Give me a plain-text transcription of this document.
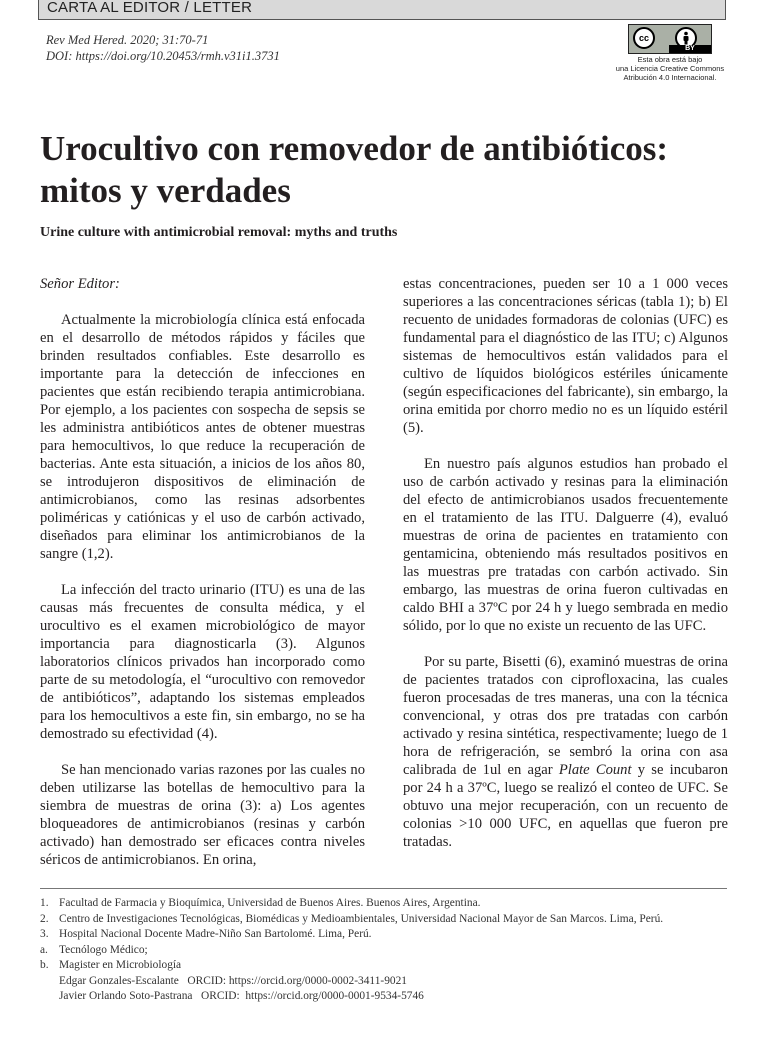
CARTA AL EDITOR / LETTER
Rev Med Hered. 2020; 31:70-71
DOI: https://doi.org/10.20453/rmh.v31i1.3731
cc
BY
Esta obra está bajo
una Licencia Creative Commons
Atribución 4.0 Internacional.
Urocultivo con removedor de antibióticos:
mitos y verdades
Urine culture with antimicrobial removal: myths and truths

Señor Editor:

Actualmente la microbiología clínica está enfocada en el desarrollo de métodos rápidos y fáciles que brinden resultados confiables. Este desarrollo es importante para la detección de infecciones en pacientes que están recibiendo terapia antimicrobiana. Por ejemplo, a los pacientes con sospecha de sepsis se les administra antibióticos antes de obtener muestras para hemocultivos, lo que reduce la recuperación de bacterias. Ante esta situación, a inicios de los años 80, se introdujeron dispositivos de eliminación de antimicrobianos, como las resinas adsorbentes poliméricas y catiónicas y el uso de carbón activado, diseñados para eliminar los antimicrobianos de la sangre (1,2).

La infección del tracto urinario (ITU) es una de las causas más frecuentes de consulta médica, y el urocultivo es el examen microbiológico de mayor importancia para diagnosticarla (3). Algunos laboratorios clínicos privados han incorporado como parte de su metodología, el “urocultivo con removedor de antibióticos”, adaptando los sistemas empleados para los hemocultivos a este fin, sin embargo, no se ha demostrado su efectividad (4).

Se han mencionado varias razones por las cuales no deben utilizarse las botellas de hemocultivo para la siembra de muestras de orina (3): a) Los agentes bloqueadores de antimicrobianos (resinas y carbón activado) han demostrado ser eficaces contra niveles séricos de antimicrobianos. En orina,

estas concentraciones, pueden ser 10 a 1 000 veces superiores a las concentraciones séricas (tabla 1); b) El recuento de unidades formadoras de colonias (UFC) es fundamental para el diagnóstico de las ITU; c) Algunos sistemas de hemocultivos están validados para el cultivo de líquidos biológicos estériles únicamente (según especificaciones del fabricante), sin embargo, la orina emitida por chorro medio no es un líquido estéril (5).

En nuestro país algunos estudios han probado el uso de carbón activado y resinas para la eliminación del efecto de antimicrobianos usados frecuentemente en el tratamiento de las ITU. Dalguerre (4), evaluó muestras de orina de pacientes en tratamiento con gentamicina, obteniendo más resultados positivos en las muestras pre tratadas con carbón activado. Sin embargo, las muestras de orina fueron cultivadas en caldo BHI a 37ºC por 24 h y luego sembrada en medio sólido, por lo que no existe un recuento de las UFC.

Por su parte, Bisetti (6), examinó muestras de orina de pacientes tratados con ciprofloxacina, las cuales fueron procesadas de tres maneras, una con la técnica convencional, y otras dos pre tratadas con carbón activado y resina sintética, respectivamente; luego de 1 hora de refrigeración, se sembró la orina con asa calibrada de 1ul en agar Plate Count y se incubaron por 24 h a 37ºC, luego se realizó el conteo de UFC. Se obtuvo una mejor recuperación, con un recuento de colonias >10 000 UFC, en aquellas que fueron pre tratadas.

1. Facultad de Farmacia y Bioquímica, Universidad de Buenos Aires. Buenos Aires, Argentina.
2. Centro de Investigaciones Tecnológicas, Biomédicas y Medioambientales, Universidad Nacional Mayor de San Marcos. Lima, Perú.
3. Hospital Nacional Docente Madre-Niño San Bartolomé. Lima, Perú.
a. Tecnólogo Médico;
b. Magister en Microbiología
Edgar Gonzales-Escalante   ORCID: https://orcid.org/0000-0002-3411-9021
Javier Orlando Soto-Pastrana   ORCID:  https://orcid.org/0000-0001-9534-5746
